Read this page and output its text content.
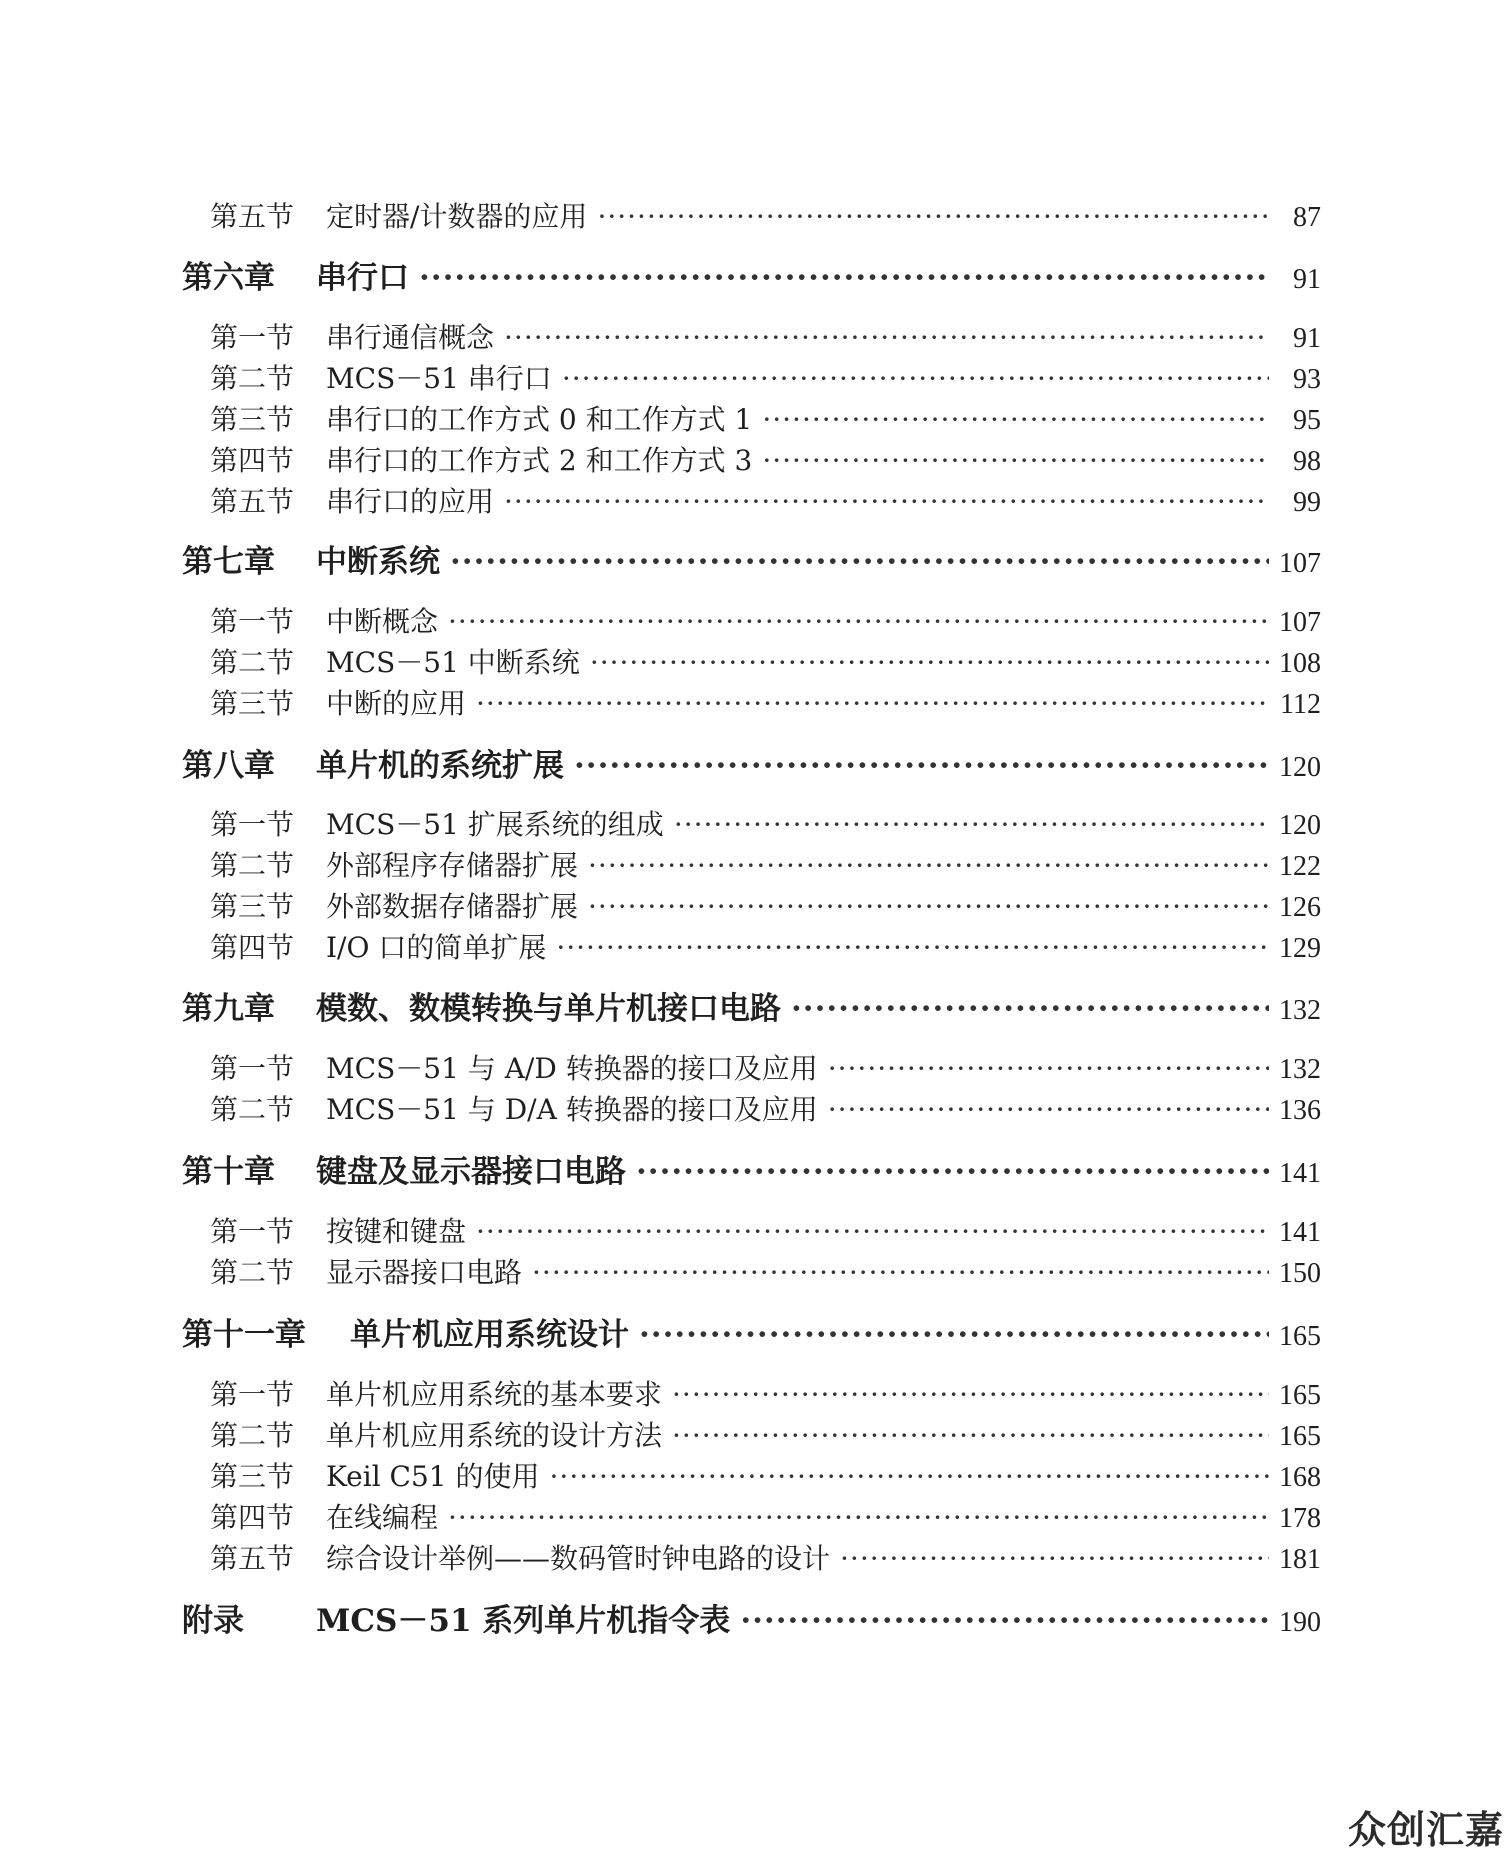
第五节	定时器/计数器的应用 ·····	87
第六章	串行口 ·····	91
第一节	串行通信概念 ·····	91
第二节	MCS－51 串行口 ·····	93
第三节	串行口的工作方式 0 和工作方式 1 ·····	95
第四节	串行口的工作方式 2 和工作方式 3 ·····	98
第五节	串行口的应用 ·····	99
第七章	中断系统 ·····	107
第一节	中断概念 ·····	107
第二节	MCS－51 中断系统 ·····	108
第三节	中断的应用 ·····	112
第八章	单片机的系统扩展 ·····	120
第一节	MCS－51 扩展系统的组成 ·····	120
第二节	外部程序存储器扩展 ·····	122
第三节	外部数据存储器扩展 ·····	126
第四节	I/O 口的简单扩展 ·····	129
第九章	模数、数模转换与单片机接口电路 ·····	132
第一节	MCS－51 与 A/D 转换器的接口及应用 ·····	132
第二节	MCS－51 与 D/A 转换器的接口及应用 ·····	136
第十章	键盘及显示器接口电路 ·····	141
第一节	按键和键盘 ·····	141
第二节	显示器接口电路 ·····	150
第十一章	单片机应用系统设计 ·····	165
第一节	单片机应用系统的基本要求 ·····	165
第二节	单片机应用系统的设计方法 ·····	165
第三节	Keil C51 的使用 ·····	168
第四节	在线编程 ·····	178
第五节	综合设计举例——数码管时钟电路的设计 ·····	181
附录	MCS－51 系列单片机指令表 ·····	190
众创汇嘉
